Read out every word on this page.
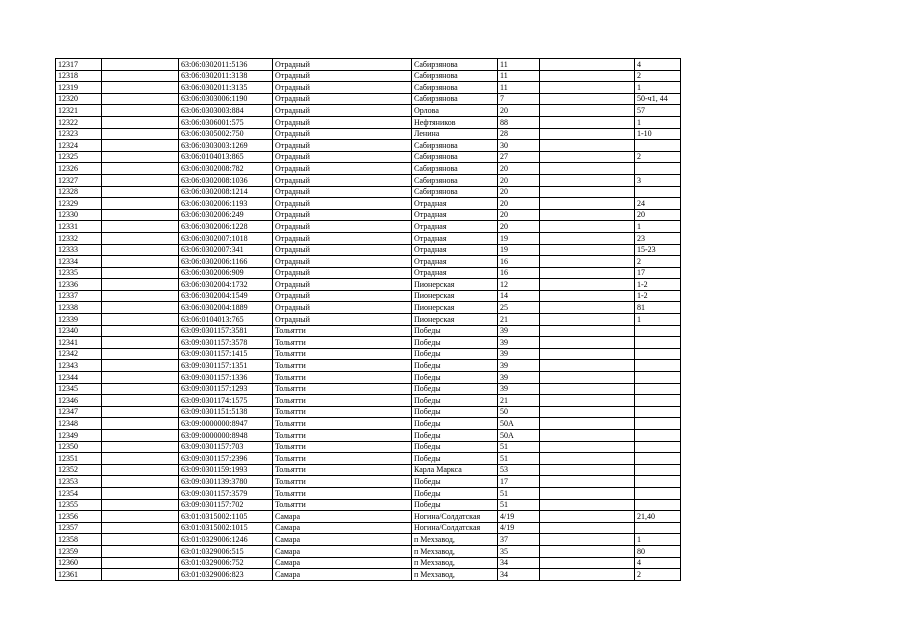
12317		63:06:0302011:5136	Отрадный	Сабирзянова	11		4
12318		63:06:0302011:3138	Отрадный	Сабирзянова	11		2
12319		63:06:0302011:3135	Отрадный	Сабирзянова	11		1
12320		63:06:0303006:1190	Отрадный	Сабирзянова	7		50-ч1, 44
12321		63:06:0303003:884	Отрадный	Орлова	20		57
12322		63:06:0306001:575	Отрадный	Нефтяников	88		1
12323		63:06:0305002:750	Отрадный	Ленина	28		1-10
12324		63:06:0303003:1269	Отрадный	Сабирзянова	30		
12325		63:06:0104013:865	Отрадный	Сабирзянова	27		2
12326		63:06:0302008:782	Отрадный	Сабирзянова	20		
12327		63:06:0302008:1036	Отрадный	Сабирзянова	20		3
12328		63:06:0302008:1214	Отрадный	Сабирзянова	20		
12329		63:06:0302006:1193	Отрадный	Отрадная	20		24
12330		63:06:0302006:249	Отрадный	Отрадная	20		20
12331		63:06:0302006:1228	Отрадный	Отрадная	20		1
12332		63:06:0302007:1018	Отрадный	Отрадная	19		23
12333		63:06:0302007:341	Отрадный	Отрадная	19		15-23
12334		63:06:0302006:1166	Отрадный	Отрадная	16		2
12335		63:06:0302006:909	Отрадный	Отрадная	16		17
12336		63:06:0302004:1732	Отрадный	Пионерская	12		1-2
12337		63:06:0302004:1549	Отрадный	Пионерская	14		1-2
12338		63:06:0302004:1889	Отрадный	Пионерская	25		81
12339		63:06:0104013:765	Отрадный	Пионерская	21		1
12340		63:09:0301157:3581	Тольятти	Победы	39		
12341		63:09:0301157:3578	Тольятти	Победы	39		
12342		63:09:0301157:1415	Тольятти	Победы	39		
12343		63:09:0301157:1351	Тольятти	Победы	39		
12344		63:09:0301157:1336	Тольятти	Победы	39		
12345		63:09:0301157:1293	Тольятти	Победы	39		
12346		63:09:0301174:1575	Тольятти	Победы	21		
12347		63:09:0301151:5138	Тольятти	Победы	50		
12348		63:09:0000000:8947	Тольятти	Победы	50А		
12349		63:09:0000000:8948	Тольятти	Победы	50А		
12350		63:09:0301157:703	Тольятти	Победы	51		
12351		63:09:0301157:2396	Тольятти	Победы	51		
12352		63:09:0301159:1993	Тольятти	Карла Маркса	53		
12353		63:09:0301139:3780	Тольятти	Победы	17		
12354		63:09:0301157:3579	Тольятти	Победы	51		
12355		63:09:0301157:702	Тольятти	Победы	51		
12356		63:01:0315002:1105	Самара	Ногина/Солдатская	4/19		21,40
12357		63:01:0315002:1015	Самара	Ногина/Солдатская	4/19		
12358		63:01:0329006:1246	Самара	п Мехзавод,	37		1
12359		63:01:0329006:515	Самара	п Мехзавод,	35		80
12360		63:01:0329006:752	Самара	п Мехзавод,	34		4
12361		63:01:0329006:823	Самара	п Мехзавод,	34		2
